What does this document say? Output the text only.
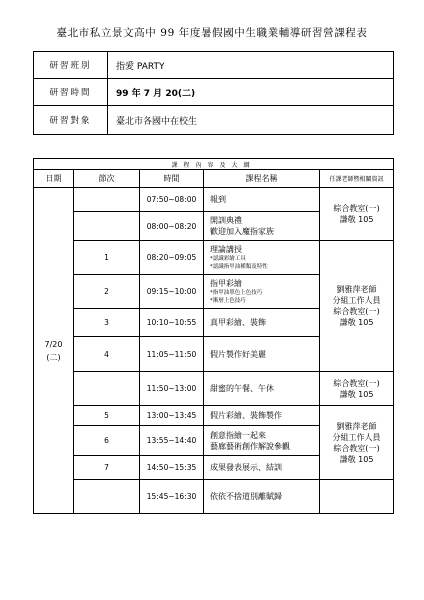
臺北市私立景文高中 99 年度暑假國中生職業輔導研習營課程表
研習班別	指愛 PARTY
研習時間	99 年 7 月 20(二)
研習對象	臺北市各國中在校生
課程內容及大綱				
日期	節次	時間	課程名稱	任課老師暨相關資訊
7/20
(二)		07:50~08:00	報到	綜合教室(一)
謙敬 105
		08:00~08:20	開訓典禮
歡迎加入魔指家族	
	1	08:20~09:05	理論講授
*認識彩繪工具
*認識指甲油種類及特性	劉雅萍老師
分組工作人員
綜合教室(一)
謙敬 105
	2	09:15~10:00	指甲彩繪
*指甲油單色上色技巧
*漸層上色技巧	

	3	10:10~10:55	真甲彩繪、裝飾	
	4	11:05~11:50	假片製作好美麗	
		11:50~13:00	甜蜜的午餐、午休	綜合教室(一)
謙敬 105
	5	13:00~13:45	假片彩繪、裝飾製作	劉雅萍老師
分組工作人員
綜合教室(一)
謙敬 105
	6	13:55~14:40	創意指繪一起來
藝廊藝術創作解說參觀	
	7	14:50~15:35	成果發表展示、結訓	
		15:45~16:30	依依不捨道別離賦歸	
